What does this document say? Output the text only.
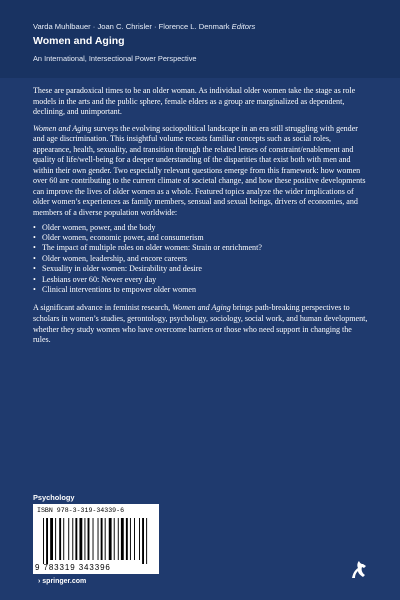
Varda Muhlbauer · Joan C. Chrisler · Florence L. Denmark Editors
Women and Aging
An International, Intersectional Power Perspective

These are paradoxical times to be an older woman. As individual older women take the stage as role models in the arts and the public sphere, female elders as a group are marginalized as dependent, declining, and unimportant.

Women and Aging surveys the evolving sociopolitical landscape in an era still struggling with gender and age discrimination. This insightful volume recasts familiar concepts such as social roles, appearance, health, sexuality, and transition through the related lenses of constraint/enablement and quality of life/well-being for a deeper understanding of the disparities that exist both with men and within their own gender. Two especially relevant questions emerge from this framework: how women over 60 are contributing to the current climate of societal change, and how these positive developments can improve the lives of older women as a whole. Featured topics analyze the wider implications of older women’s experiences as family members, sensual and sexual beings, drivers of economies, and members of a diverse population worldwide:

• Older women, power, and the body
• Older women, economic power, and consumerism
• The impact of multiple roles on older women: Strain or enrichment?
• Older women, leadership, and encore careers
• Sexuality in older women: Desirability and desire
• Lesbians over 60: Newer every day
• Clinical interventions to empower older women

A significant advance in feminist research, Women and Aging brings path-breaking perspectives to scholars in women’s studies, gerontology, psychology, sociology, social work, and human development, whether they study women who have overcome barriers or those who need support in changing the rules.

Psychology
ISBN 978-3-319-34339-6
9 783319 343396
› springer.com
